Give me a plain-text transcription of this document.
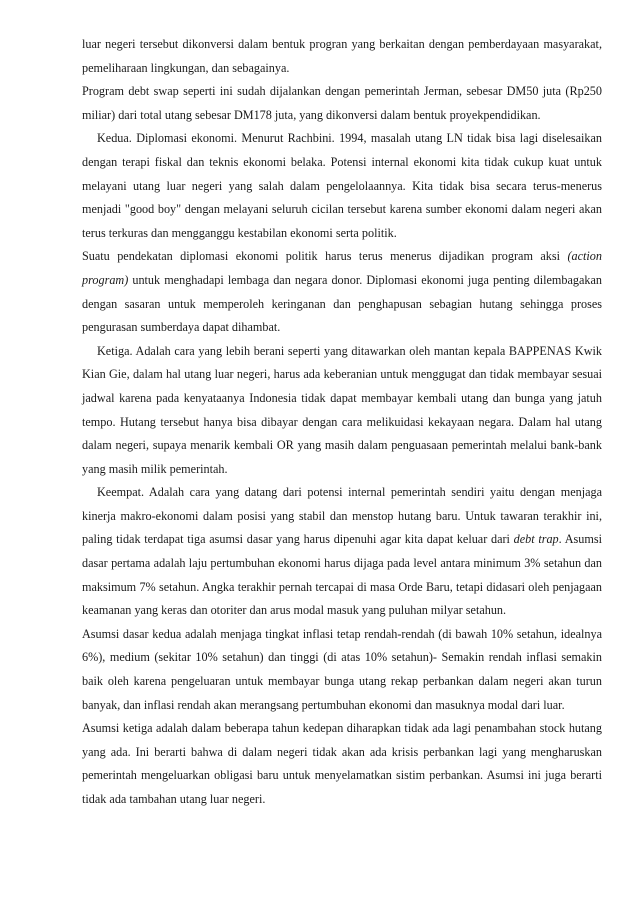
luar negeri tersebut dikonversi dalam bentuk progran yang berkaitan dengan pemberdayaan masyarakat, pemeliharaan lingkungan, dan sebagainya.

Program debt swap seperti ini sudah dijalankan dengan pemerintah Jerman, sebesar DM50 juta (Rp250 miliar) dari total utang sebesar DM178 juta, yang dikonversi dalam bentuk proyekpendidikan.

Kedua. Diplomasi ekonomi. Menurut Rachbini. 1994, masalah utang LN tidak bisa lagi diselesaikan dengan terapi fiskal dan teknis ekonomi belaka. Potensi internal ekonomi kita tidak cukup kuat untuk melayani utang luar negeri yang salah dalam pengelolaannya. Kita tidak bisa secara terus-menerus menjadi "good boy" dengan melayani seluruh cicilan tersebut karena sumber ekonomi dalam negeri akan terus terkuras dan mengganggu kestabilan ekonomi serta politik.

Suatu pendekatan diplomasi ekonomi politik harus terus menerus dijadikan program aksi (action program) untuk menghadapi lembaga dan negara donor. Diplomasi ekonomi juga penting dilembagakan dengan sasaran untuk memperoleh keringanan dan penghapusan sebagian hutang sehingga proses pengurasan sumberdaya dapat dihambat.

Ketiga. Adalah cara yang lebih berani seperti yang ditawarkan oleh mantan kepala BAPPENAS Kwik Kian Gie, dalam hal utang luar negeri, harus ada keberanian untuk menggugat dan tidak membayar sesuai jadwal karena pada kenyataanya Indonesia tidak dapat membayar kembali utang dan bunga yang jatuh tempo. Hutang tersebut hanya bisa dibayar dengan cara melikuidasi kekayaan negara. Dalam hal utang dalam negeri, supaya menarik kembali OR yang masih dalam penguasaan pemerintah melalui bank-bank yang masih milik pemerintah.

Keempat. Adalah cara yang datang dari potensi internal pemerintah sendiri yaitu dengan menjaga kinerja makro-ekonomi dalam posisi yang stabil dan menstop hutang baru. Untuk tawaran terakhir ini, paling tidak terdapat tiga asumsi dasar yang harus dipenuhi agar kita dapat keluar dari debt trap. Asumsi dasar pertama adalah laju pertumbuhan ekonomi harus dijaga pada level antara minimum 3% setahun dan maksimum 7% setahun. Angka terakhir pernah tercapai di masa Orde Baru, tetapi didasari oleh penjagaan keamanan yang keras dan otoriter dan arus modal masuk yang puluhan milyar setahun.

Asumsi dasar kedua adalah menjaga tingkat inflasi tetap rendah-rendah (di bawah 10% setahun, idealnya 6%), medium (sekitar 10% setahun) dan tinggi (di atas 10% setahun)- Semakin rendah inflasi semakin baik oleh karena pengeluaran untuk membayar bunga utang rekap perbankan dalam negeri akan turun banyak, dan inflasi rendah akan merangsang pertumbuhan ekonomi dan masuknya modal dari luar.

Asumsi ketiga adalah dalam beberapa tahun kedepan diharapkan tidak ada lagi penambahan stock hutang yang ada. Ini berarti bahwa di dalam negeri tidak akan ada krisis perbankan lagi yang mengharuskan pemerintah mengeluarkan obligasi baru untuk menyelamatkan sistim perbankan. Asumsi ini juga berarti tidak ada tambahan utang luar negeri.
